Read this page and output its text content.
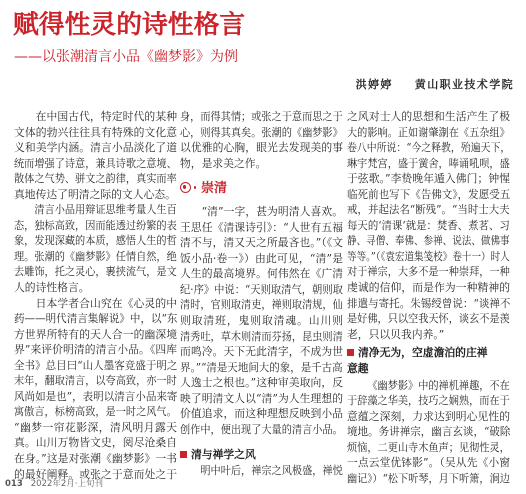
赋得性灵的诗性格言
——以张潮清言小品《幽梦影》为例
洪婷婷 黄山职业技术学院
在中国古代，特定时代的某种
文体的勃兴往往具有特殊的文化意
义和美学内涵。清言小品淡化了道
统而增强了诗意，兼具诗歌之意境、
散体之气势、骈文之韵律，真实而率
真地传达了明清之际的文人心态。
清言小品用辩证思维考量人生百
态，独标高致，因而能透过纷繁的表
象，发现深藏的本质，感悟人生的哲
理。张潮的《幽梦影》任情自然，绝
去雕饰，托之灵心，裹挟流气，是文
人的诗性格言。
日本学者合山究在《心灵的中
药——明代清言集解说》中，以“东
方世界所特有的天人合一的幽深境
界”来评价明清的清言小品。《四库
全书》总目曰“山人墨客竞盛于明之
末年，翻取清言，以夸高致，亦一时
风尚如是也”，表明以清言小品来寄
寓傲言，标榜高致，是一时之风气。
“幽梦一帘花影深，清风明月露天
真。山川万物皆文史，阅尽沧桑自
在身。”这是对张潮《幽梦影》一书
的最好阐释。或张之于意而处之于
身，而得其情；或张之于意而思之于
心，则得其真矣。张潮的《幽梦影》
以优雅的心胸，眼光去发现美的事
物，是求美之作。
崇清
“清”一字，甚为明清人喜欢。
王思任《清课诗引》：“人世有五福
清不与，清又天之所最吝也。”（《文
饭小品·卷一》）由此可见，“清”是
人生的最高境界。何伟然在《广清
纪·序》中说：“天则取清气，朝则取
清时，官则取清吏，禅则取清规，仙
则取清班，鬼则取清魂。山川则
清秀吐，草木则清而芬扬，昆虫则清
而鸣冷。天下无此清字，不成为世
界。”“清是天地间大的象，是千古高
人逸士之根也。”这种审美取向，反
映了明清文人以“清”为人生理想的
价值追求，而这种理想反映到小品
创作中，便出现了大量的清言小品。
清与禅学之风
明中叶后，禅宗之风极盛，禅悦
之风对士人的思想和生活产生了极
大的影响。正如谢肇淛在《五杂组》
卷八中所说：“今之释教，殆遍天下，
琳宇梵宫，盛于黉舍，唪诵吼呗，盛
于弦歌。”李贽晚年遁入佛门；钟惺
临死前也写下《告佛文》，发愿受五
戒，并起法名“断残”。“当时士大夫
每天的‘清课’就是：焚香、煮茗、习
静、寻僧、奉佛、参禅、说法、做佛事
等等。”（《袁宏道集笺校》卷十一）时人
对于禅宗，大多不是一种崇拜，一种
虔诚的信仰，而是作为一种精神的
排遣与寄托。朱锡绶曾说：“谈禅不
是好佛，只以空我天怀，谈玄不是羡
老，只以贝我内养。”
清净无为，空虚澹泊的庄禅
意趣
《幽梦影》中的禅机禅趣，不在
于辞藻之华美，技巧之娴熟，而在于
意蕴之深刻，力求达到明心见性的
境地。务讲禅宗，幽言玄谈，“破除
烦恼，二更山寺木鱼声；见彻性灵，
一点云堂优钵影”。（吴从先《小窗
幽记》）“松下听琴，月下听箫，涧边
013 2022年2月·上旬刊
